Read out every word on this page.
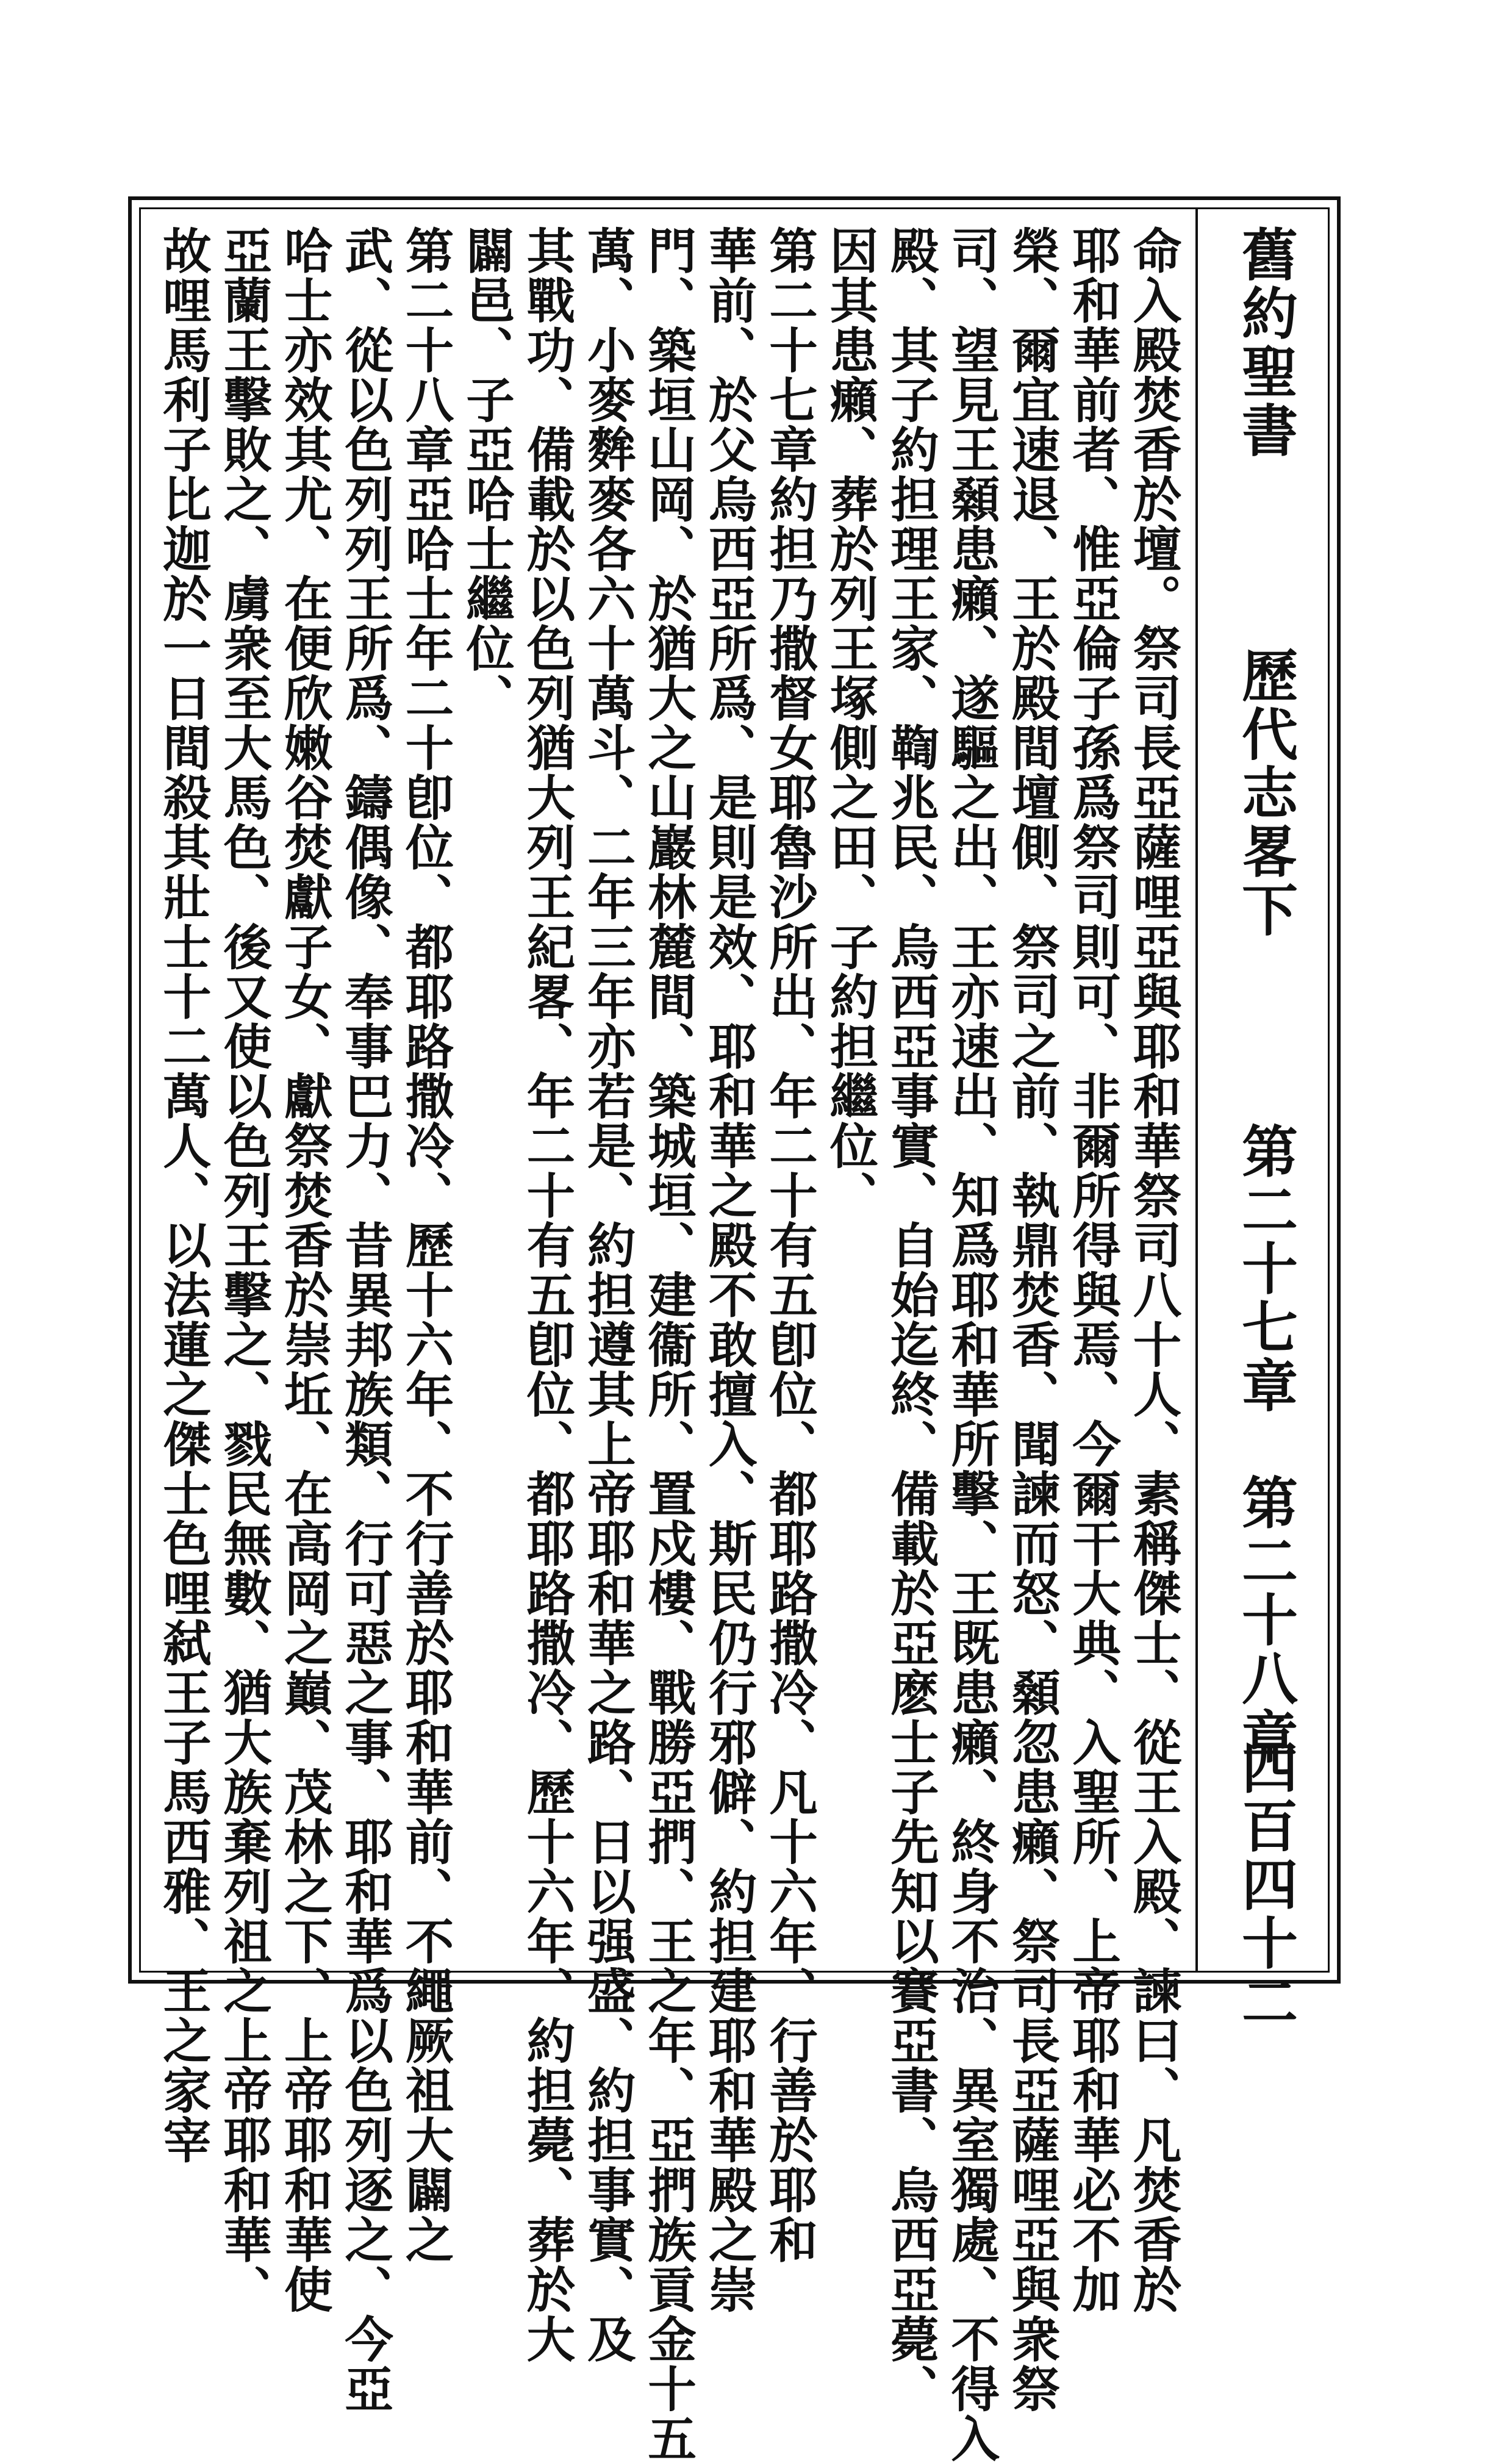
舊約聖書
歷代志畧下
第二十七章　第二十八章
四百四十二
命入殿焚香於壇。祭司長亞薩哩亞與耶和華祭司八十人、素稱傑士、從王入殿、諫曰、凡焚香於
耶和華前者、惟亞倫子孫爲祭司則可、非爾所得與焉、今爾干大典、入聖所、上帝耶和華必不加
榮、爾宜速退、王於殿間壇側、祭司之前、執鼎焚香、聞諫而怒、顙忽患癩、祭司長亞薩哩亞與衆祭
司、望見王顙患癩、遂驅之出、王亦速出、知爲耶和華所擊、王既患癩、終身不治、異室獨處、不得入
殿、其子約担理王家、鞫兆民、烏西亞事實、自始迄終、備載於亞麽士子先知以賽亞書、烏西亞薨、
因其患癩、葬於列王塚側之田、子約担繼位、
第二十七章約担乃撒督女耶魯沙所出、年二十有五卽位、都耶路撒冷、凡十六年、行善於耶和
華前、於父烏西亞所爲、是則是效、耶和華之殿不敢擅入、斯民仍行邪僻、約担建耶和華殿之崇
門、築垣山岡、於猶大之山巖林麓間、築城垣、建衞所、置戍樓、戰勝亞捫、王之年、亞捫族貢金十五
萬、小麥麰麥各六十萬斗、二年三年亦若是、約担遵其上帝耶和華之路、日以强盛、約担事實、及
其戰功、備載於以色列猶大列王紀畧、年二十有五卽位、都耶路撒冷、歷十六年、約担薨、葬於大
闢邑、子亞哈士繼位、
第二十八章亞哈士年二十卽位、都耶路撒冷、歷十六年、不行善於耶和華前、不繩厥祖大闢之
武、從以色列列王所爲、鑄偶像、奉事巴力、昔異邦族類、行可惡之事、耶和華爲以色列逐之、今亞
哈士亦效其尤、在便欣嫩谷焚獻子女、獻祭焚香於崇坵、在高岡之巔、茂林之下、上帝耶和華使
亞蘭王擊敗之、虜衆至大馬色、後又使以色列王擊之、戮民無數、猶大族棄列祖之上帝耶和華、
故哩馬利子比迦於一日間殺其壯士十二萬人、以法蓮之傑士色哩弑王子馬西雅、王之家宰
